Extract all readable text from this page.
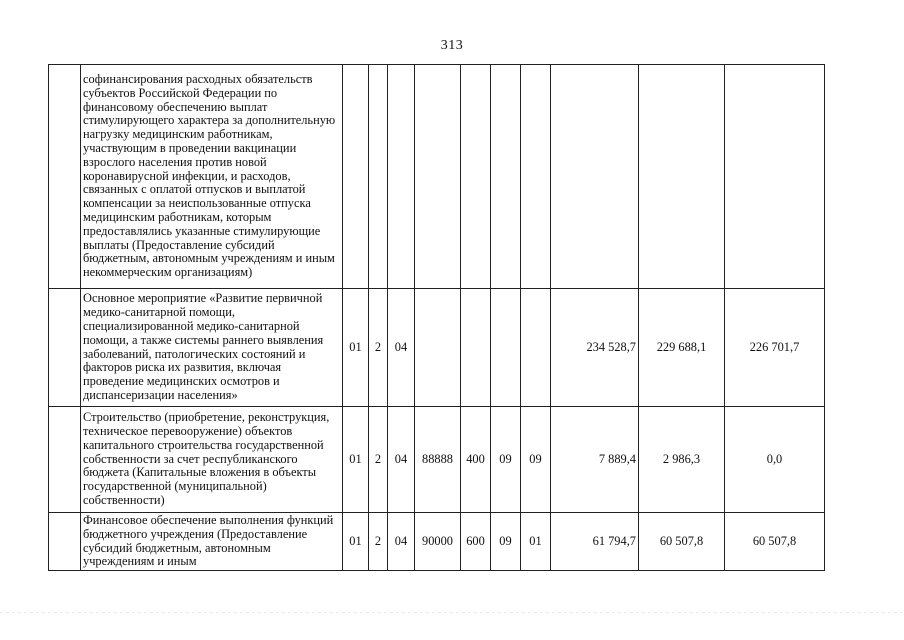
313
	софинансирования расходных обязательств субъектов Российской Федерации по финансовому обеспечению выплат стимулирующего характера за дополнительную нагрузку медицинским работникам, участвующим в проведении вакцинации взрослого населения против новой коронавирусной инфекции, и расходов, связанных с оплатой отпусков и выплатой компенсации за неиспользованные отпуска медицинским работникам, которым предоставлялись указанные стимулирующие выплаты (Предоставление субсидий бюджетным, автономным учреждениям и иным некоммерческим организациям)										
	Основное мероприятие «Развитие первичной медико-санитарной помощи, специализированной медико-санитарной помощи, а также системы раннего выявления заболеваний, патологических состояний и факторов риска их развития, включая проведение медицинских осмотров и диспансеризации населения»	01	2	04					234 528,7	229 688,1	226 701,7
	Строительство (приобретение, реконструкция, техническое перевооружение) объектов капитального строительства государственной собственности за счет республиканского бюджета (Капитальные вложения в объекты государственной (муниципальной) собственности)	01	2	04	88888	400	09	09	7 889,4	2 986,3	0,0
	Финансовое обеспечение выполнения функций бюджетного учреждения (Предоставление субсидий бюджетным, автономным учреждениям и иным	01	2	04	90000	600	09	01	61 794,7	60 507,8	60 507,8
